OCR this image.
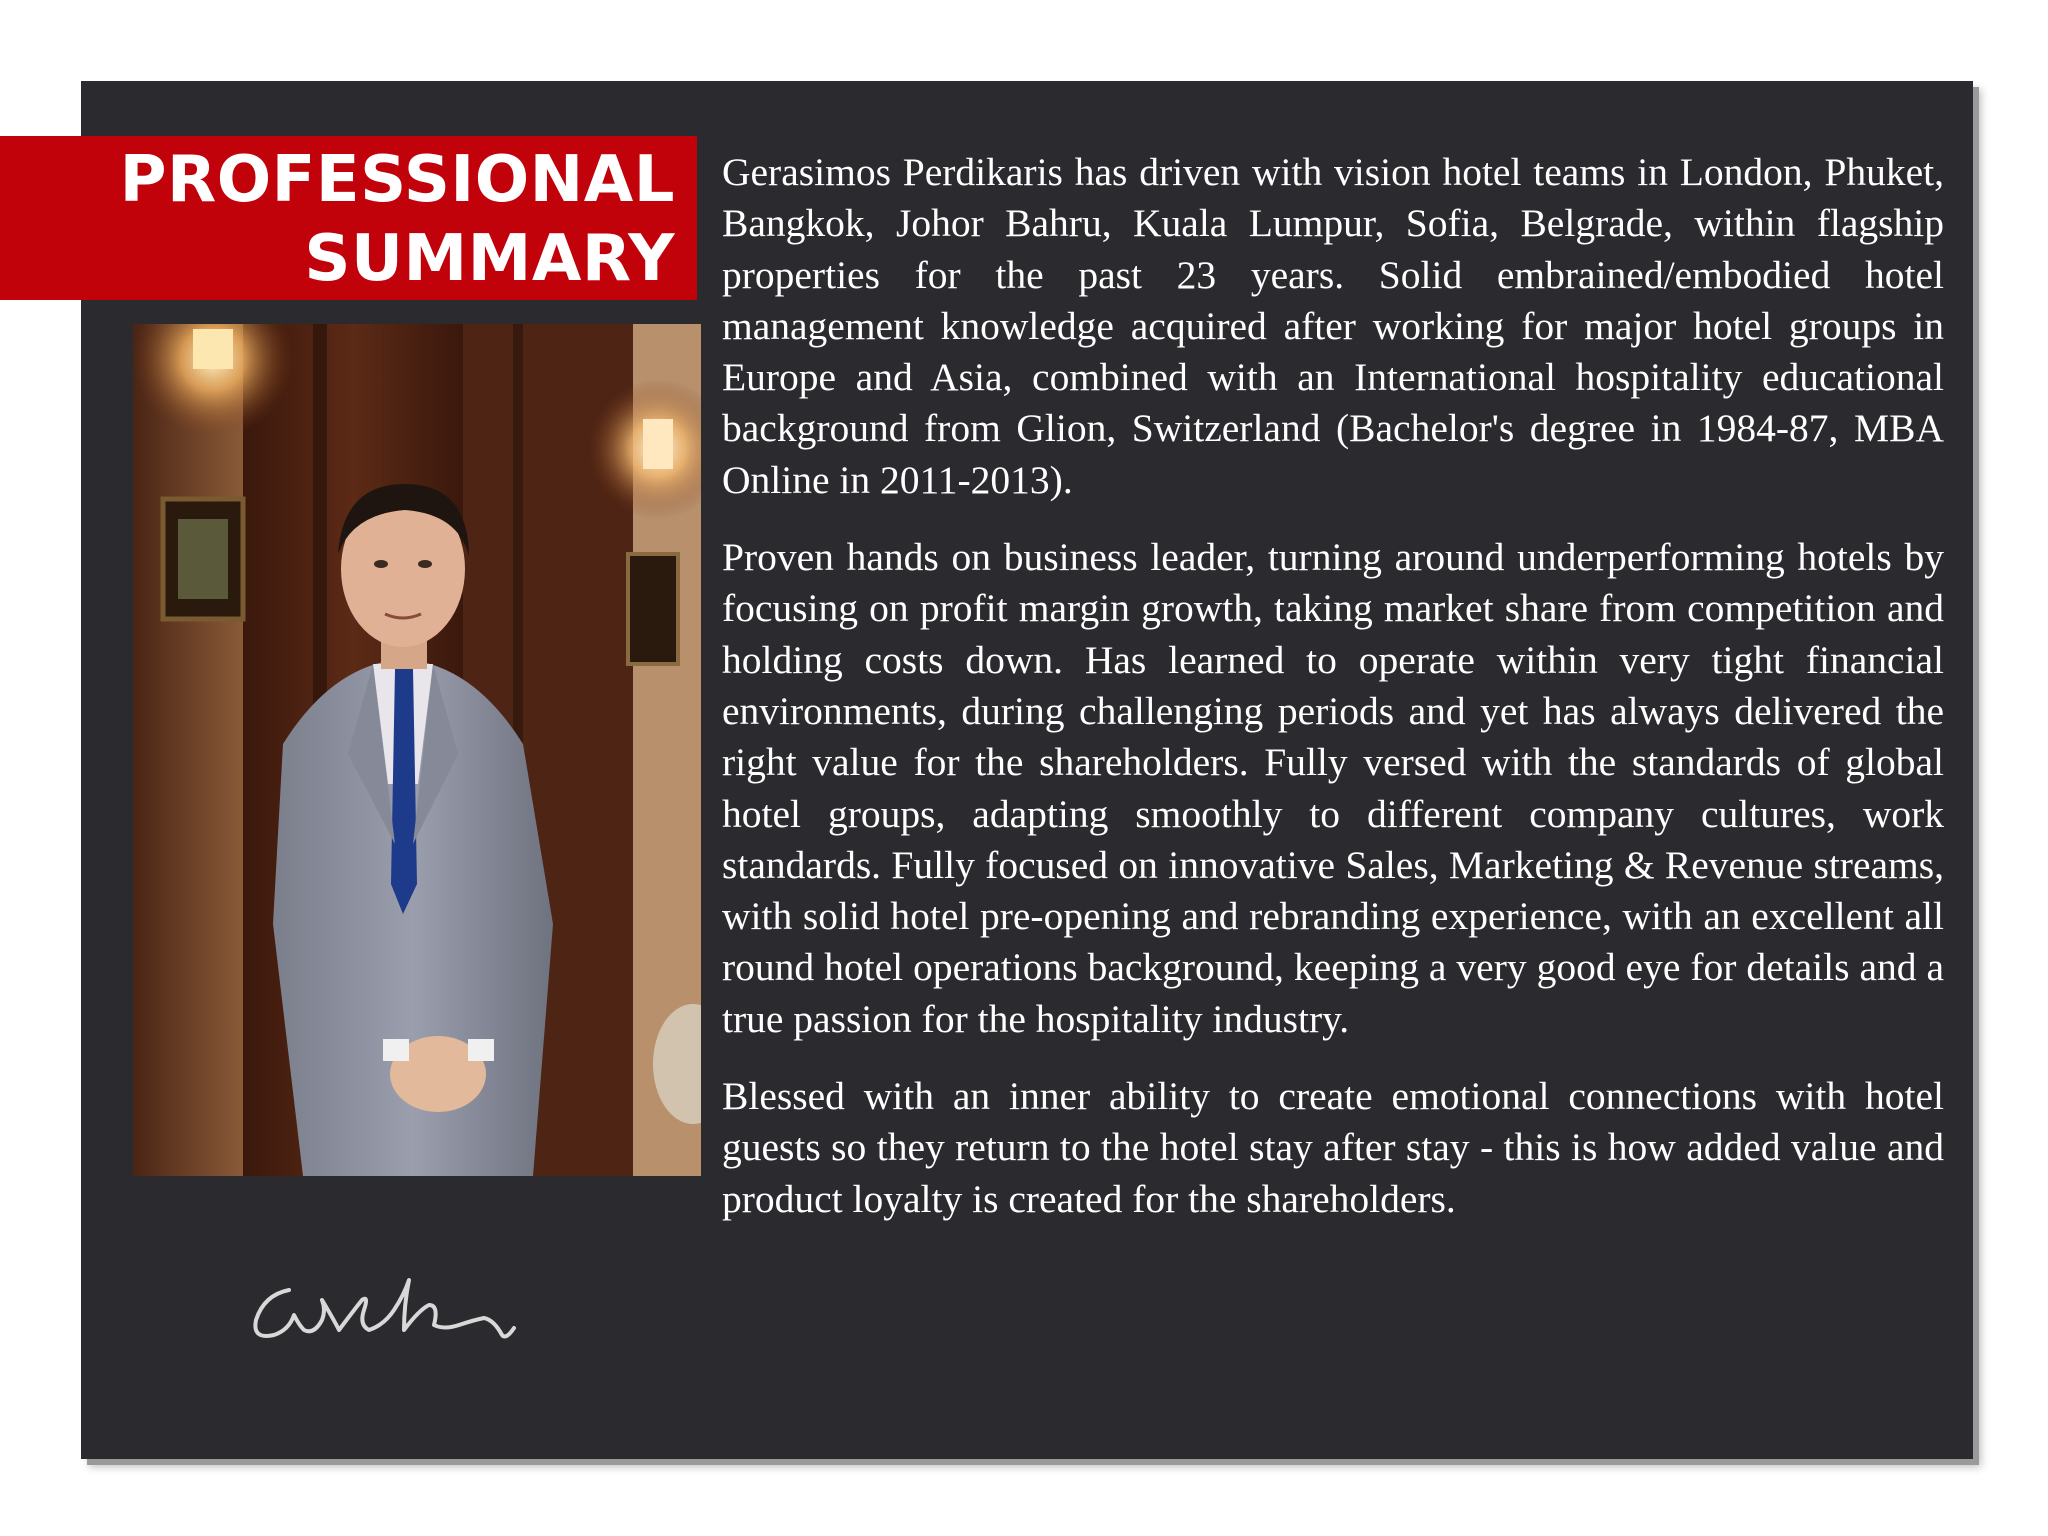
PROFESSIONAL
SUMMARY

Gerasimos Perdikaris has driven with vision hotel teams in London, Phuket, Bangkok, Johor Bahru, Kuala Lumpur, Sofia, Belgrade, within flagship properties for the past 23 years. Solid embrained/embodied hotel management knowledge acquired after working for major hotel groups in Europe and Asia, combined with an International hospitality educational background from Glion, Switzerland (Bachelor's degree in 1984-87, MBA Online in 2011-2013).

Proven hands on business leader, turning around underperforming hotels by focusing on profit margin growth, taking market share from competition and holding costs down. Has learned to operate within very tight financial environments, during challenging periods and yet has always delivered the right value for the shareholders. Fully versed with the standards of global hotel groups, adapting smoothly to different company cultures, work standards. Fully focused on innovative Sales, Marketing & Revenue streams, with solid hotel pre-opening and rebranding experience, with an excellent all round hotel operations background, keeping a very good eye for details and a true passion for the hospitality industry.

Blessed with an inner ability to create emotional connections with hotel guests so they return to the hotel stay after stay - this is how added value and product loyalty is created for the shareholders.
